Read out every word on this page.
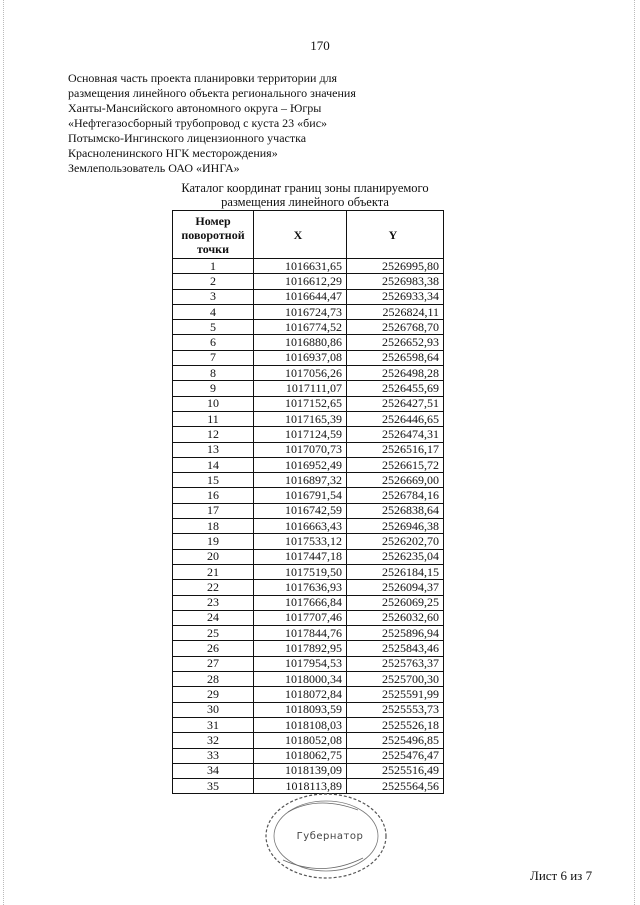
170
Основная часть проекта планировки территории для
размещения линейного объекта регионального значения
Ханты-Мансийского автономного округа – Югры
«Нефтегазосборный трубопровод с куста 23 «бис»
Потымско-Ингинского лицензионного участка
Красноленинского НГК месторождения»
Землепользователь ОАО «ИНГА»
Каталог координат границ зоны планируемого
размещения линейного объекта
Номер поворотной точки	X	Y
1	1016631,65	2526995,80
2	1016612,29	2526983,38
3	1016644,47	2526933,34
4	1016724,73	2526824,11
5	1016774,52	2526768,70
6	1016880,86	2526652,93
7	1016937,08	2526598,64
8	1017056,26	2526498,28
9	1017111,07	2526455,69
10	1017152,65	2526427,51
11	1017165,39	2526446,65
12	1017124,59	2526474,31
13	1017070,73	2526516,17
14	1016952,49	2526615,72
15	1016897,32	2526669,00
16	1016791,54	2526784,16
17	1016742,59	2526838,64
18	1016663,43	2526946,38
19	1017533,12	2526202,70
20	1017447,18	2526235,04
21	1017519,50	2526184,15
22	1017636,93	2526094,37
23	1017666,84	2526069,25
24	1017707,46	2526032,60
25	1017844,76	2525896,94
26	1017892,95	2525843,46
27	1017954,53	2525763,37
28	1018000,34	2525700,30
29	1018072,84	2525591,99
30	1018093,59	2525553,73
31	1018108,03	2525526,18
32	1018052,08	2525496,85
33	1018062,75	2525476,47
34	1018139,09	2525516,49
35	1018113,89	2525564,56
Губернатор
Лист 6 из 7
